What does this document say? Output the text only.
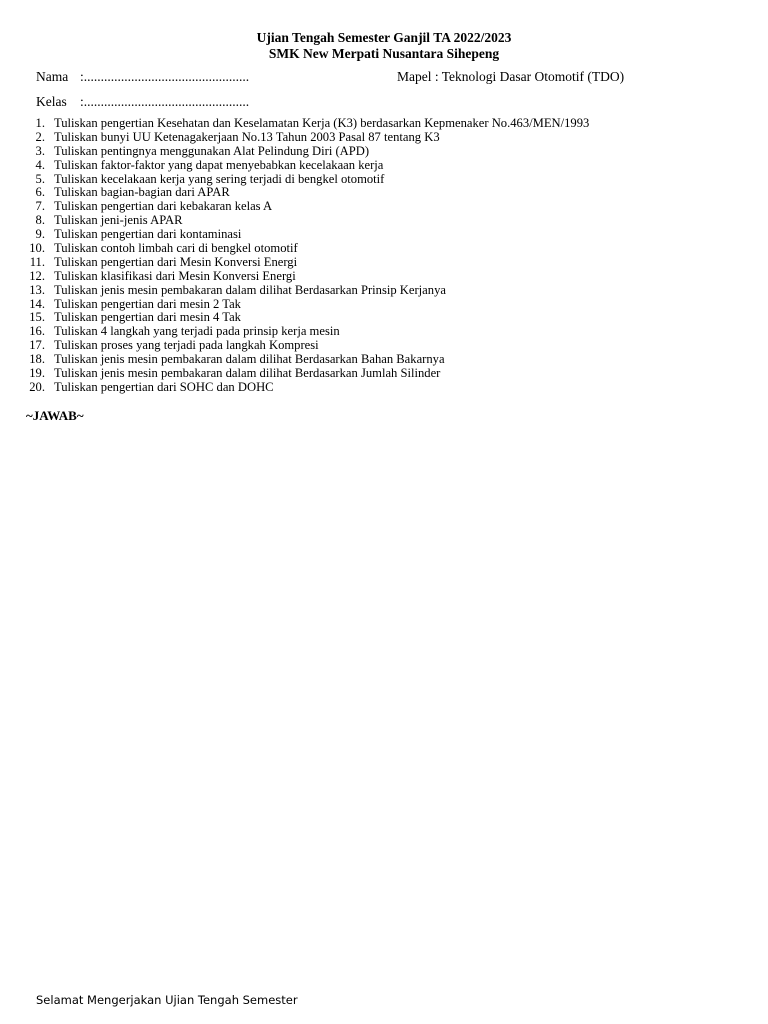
Ujian Tengah Semester Ganjil TA 2022/2023
SMK New Merpati Nusantara Sihepeng
Nama :.................................................	Mapel : Teknologi Dasar Otomotif (TDO)
Kelas :.................................................
1. Tuliskan pengertian Kesehatan dan Keselamatan Kerja (K3) berdasarkan Kepmenaker No.463/MEN/1993
2. Tuliskan bunyi UU Ketenagakerjaan No.13 Tahun 2003 Pasal 87 tentang K3
3. Tuliskan pentingnya menggunakan Alat Pelindung Diri (APD)
4. Tuliskan faktor-faktor yang dapat menyebabkan kecelakaan kerja
5. Tuliskan kecelakaan kerja yang sering terjadi di bengkel otomotif
6. Tuliskan bagian-bagian dari APAR
7. Tuliskan pengertian dari kebakaran kelas A
8. Tuliskan jeni-jenis APAR
9. Tuliskan pengertian dari kontaminasi
10. Tuliskan contoh limbah cari di bengkel otomotif
11. Tuliskan pengertian dari Mesin Konversi Energi
12. Tuliskan klasifikasi dari Mesin Konversi Energi
13. Tuliskan jenis mesin pembakaran dalam dilihat Berdasarkan Prinsip Kerjanya
14. Tuliskan pengertian dari mesin 2 Tak
15. Tuliskan pengertian dari mesin 4 Tak
16. Tuliskan 4 langkah yang terjadi pada prinsip kerja mesin
17. Tuliskan proses yang terjadi pada langkah Kompresi
18. Tuliskan jenis mesin pembakaran dalam dilihat Berdasarkan Bahan Bakarnya
19. Tuliskan jenis mesin pembakaran dalam dilihat Berdasarkan Jumlah Silinder
20. Tuliskan pengertian dari SOHC dan DOHC
~JAWAB~
Selamat Mengerjakan Ujian Tengah Semester
